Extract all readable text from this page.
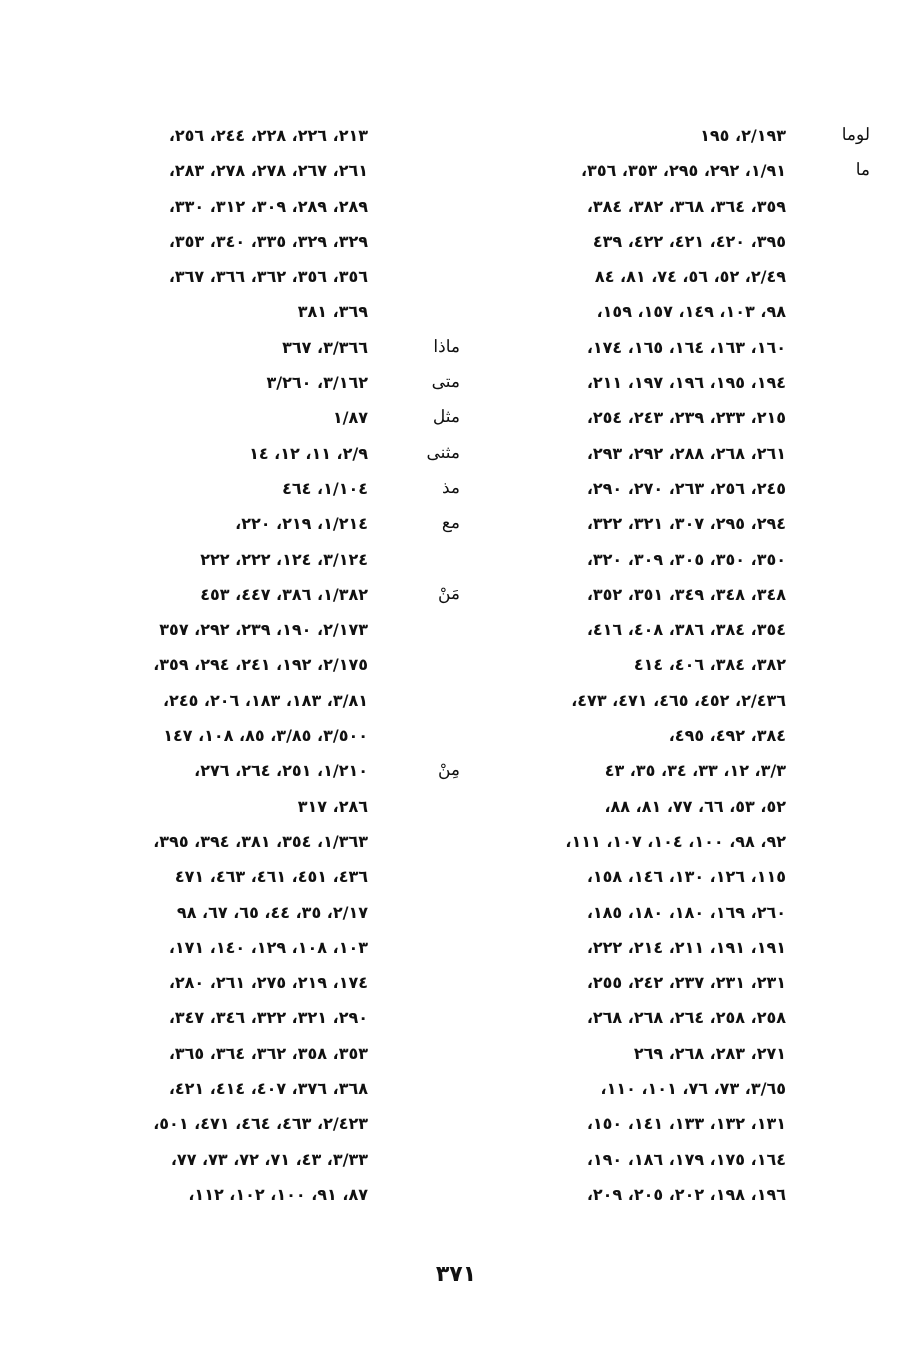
لوما
٢/١٩٣، ١٩٥
ما
١/٩١، ٢٩٢، ٢٩٥، ٣٥٣، ٣٥٦،
٣٥٩، ٣٦٤، ٣٦٨، ٣٨٢، ٣٨٤،
٣٩٥، ٤٢٠، ٤٢١، ٤٢٢، ٤٣٩
٢/٤٩، ٥٢، ٥٦، ٧٤، ٨١، ٨٤
٩٨، ١٠٣، ١٤٩، ١٥٧، ١٥٩،
١٦٠، ١٦٣، ١٦٤، ١٦٥، ١٧٤،
١٩٤، ١٩٥، ١٩٦، ١٩٧، ٢١١،
٢١٥، ٢٣٣، ٢٣٩، ٢٤٣، ٢٥٤،
٢٦١، ٢٦٨، ٢٨٨، ٢٩٢، ٢٩٣،
٢٤٥، ٢٥٦، ٢٦٣، ٢٧٠، ٢٩٠،
٢٩٤، ٢٩٥، ٣٠٧، ٣٢١، ٣٢٢،
٣٥٠، ٣٥٠، ٣٠٥، ٣٠٩، ٣٢٠،
٣٤٨، ٣٤٨، ٣٤٩، ٣٥١، ٣٥٢،
٣٥٤، ٣٨٤، ٣٨٦، ٤٠٨، ٤١٦،
٣٨٢، ٣٨٤، ٤٠٦، ٤١٤
٢/٤٣٦، ٤٥٢، ٤٦٥، ٤٧١، ٤٧٣،
٣٨٤، ٤٩٢، ٤٩٥،
٣/٣، ١٢، ٣٣، ٣٤، ٣٥، ٤٣
٥٢، ٥٣، ٦٦، ٧٧، ٨١، ٨٨،
٩٢، ٩٨، ١٠٠، ١٠٤، ١٠٧، ١١١،
١١٥، ١٢٦، ١٣٠، ١٤٦، ١٥٨،
٢٦٠، ١٦٩، ١٨٠، ١٨٠، ١٨٥،
١٩١، ١٩١، ٢١١، ٢١٤، ٢٢٢،
٢٣١، ٢٣١، ٢٣٧، ٢٤٢، ٢٥٥،
٢٥٨، ٢٥٨، ٢٦٤، ٢٦٨، ٢٦٨،
٢٧١، ٢٨٣، ٢٦٨، ٢٦٩
٣/٦٥، ٧٣، ٧٦، ١٠١، ١١٠،
١٣١، ١٣٢، ١٣٣، ١٤١، ١٥٠،
١٦٤، ١٧٥، ١٧٩، ١٨٦، ١٩٠،
١٩٦، ١٩٨، ٢٠٢، ٢٠٥، ٢٠٩،
٢١٣، ٢٢٦، ٢٢٨، ٢٤٤، ٢٥٦،
٢٦١، ٢٦٧، ٢٧٨، ٢٧٨، ٢٨٣،
٢٨٩، ٢٨٩، ٣٠٩، ٣١٢، ٣٣٠،
٣٢٩، ٣٢٩، ٣٣٥، ٣٤٠، ٣٥٣،
٣٥٦، ٣٥٦، ٣٦٢، ٣٦٦، ٣٦٧،
٣٦٩، ٣٨١
ماذا
٣/٣٦٦، ٣٦٧
متى
٣/١٦٢، ٣/٢٦٠
مثل
١/٨٧
مثنى
٢/٩، ١١، ١٢، ١٤
مذ
١/١٠٤، ٤٦٤
مع
١/٢١٤، ٢١٩، ٢٢٠،
٣/١٢٤، ١٢٤، ٢٢٢، ٢٢٢
مَنْ
١/٣٨٢، ٣٨٦، ٤٤٧، ٤٥٣
٢/١٧٣، ١٩٠، ٢٣٩، ٢٩٢، ٣٥٧
٢/١٧٥، ١٩٢، ٢٤١، ٢٩٤، ٣٥٩،
٣/٨١، ١٨٣، ١٨٣، ٢٠٦، ٢٤٥،
٣/٥٠٠، ٣/٨٥، ٨٥، ١٠٨، ١٤٧
مِنْ
١/٢١٠، ٢٥١، ٢٦٤، ٢٧٦،
٢٨٦، ٣١٧
١/٣٦٣، ٣٥٤، ٣٨١، ٣٩٤، ٣٩٥،
٤٣٦، ٤٥١، ٤٦١، ٤٦٣، ٤٧١
٢/١٧، ٣٥، ٤٤، ٦٥، ٦٧، ٩٨
١٠٣، ١٠٨، ١٢٩، ١٤٠، ١٧١،
١٧٤، ٢١٩، ٢٧٥، ٢٦١، ٢٨٠،
٢٩٠، ٣٢١، ٣٢٢، ٣٤٦، ٣٤٧،
٣٥٣، ٣٥٨، ٣٦٢، ٣٦٤، ٣٦٥،
٣٦٨، ٣٧٦، ٤٠٧، ٤١٤، ٤٢١،
٢/٤٢٣، ٤٦٣، ٤٦٤، ٤٧١، ٥٠١،
٣/٣٣، ٤٣، ٧١، ٧٢، ٧٣، ٧٧،
٨٧، ٩١، ١٠٠، ١٠٢، ١١٢،
٣٧١
